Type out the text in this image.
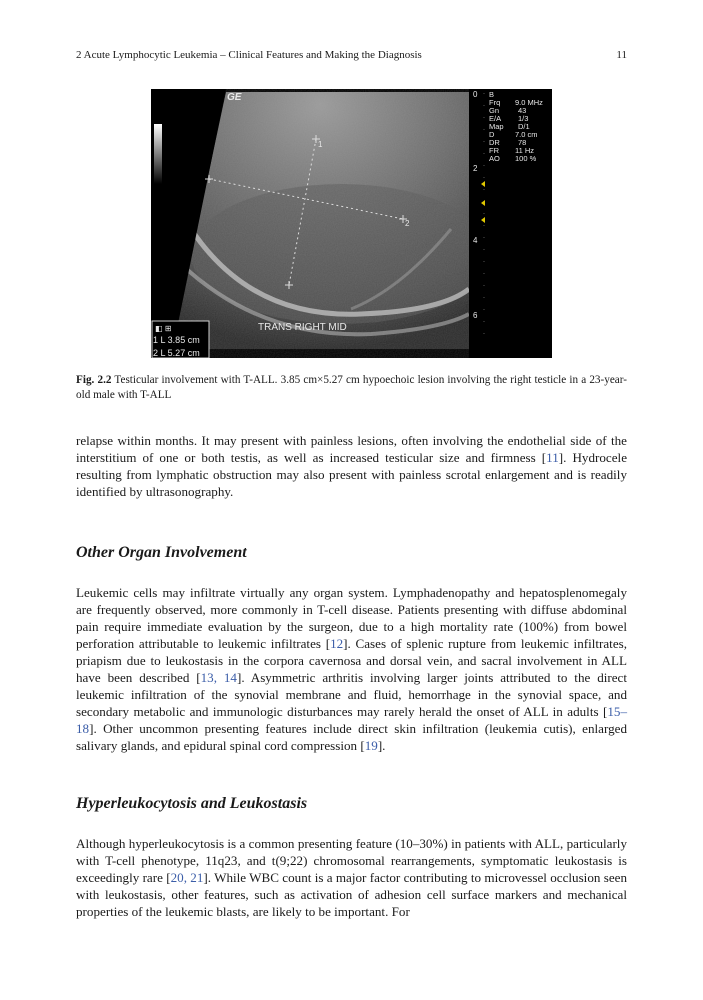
2 Acute Lymphocytic Leukemia – Clinical Features and Making the Diagnosis	11
1
2
GE
TRANS RIGHT MID
◧ ⊞
1 L 3.85 cm
2 L 5.27 cm
0
2
4
6
B
Frq 9.0 MHz
Gn	43
E/A 1/3
Map D/1
D	7.0 cm
DR 78
FR 11 Hz
AO 100 %
Fig. 2.2 Testicular involvement with T-ALL. 3.85 cm×5.27 cm hypoechoic lesion involving the right testicle in a 23-year-old male with T-ALL
relapse within months. It may present with painless lesions, often involving the endothelial side of the interstitium of one or both testis, as well as increased testicular size and firmness [11]. Hydrocele resulting from lymphatic obstruction may also present with painless scrotal enlargement and is readily identified by ultrasonography.
Other Organ Involvement
Leukemic cells may infiltrate virtually any organ system. Lymphadenopathy and hepatosplenomegaly are frequently observed, more commonly in T-cell disease. Patients presenting with diffuse abdominal pain require immediate evaluation by the surgeon, due to a high mortality rate (100%) from bowel perforation attributable to leukemic infiltrates [12]. Cases of splenic rupture from leukemic infiltrates, priapism due to leukostasis in the corpora cavernosa and dorsal vein, and sacral involvement in ALL have been described [13, 14]. Asymmetric arthritis involving larger joints attributed to the direct leukemic infiltration of the synovial membrane and fluid, hemorrhage in the synovial space, and secondary metabolic and immunologic disturbances may rarely herald the onset of ALL in adults [15–18]. Other uncommon presenting features include direct skin infiltration (leukemia cutis), enlarged salivary glands, and epidural spinal cord compression [19].
Hyperleukocytosis and Leukostasis
Although hyperleukocytosis is a common presenting feature (10–30%) in patients with ALL, particularly with T-cell phenotype, 11q23, and t(9;22) chromosomal rearrangements, symptomatic leukostasis is exceedingly rare [20, 21]. While WBC count is a major factor contributing to microvessel occlusion seen with leukostasis, other features, such as activation of adhesion cell surface markers and mechanical properties of the leukemic blasts, are likely to be important. For
